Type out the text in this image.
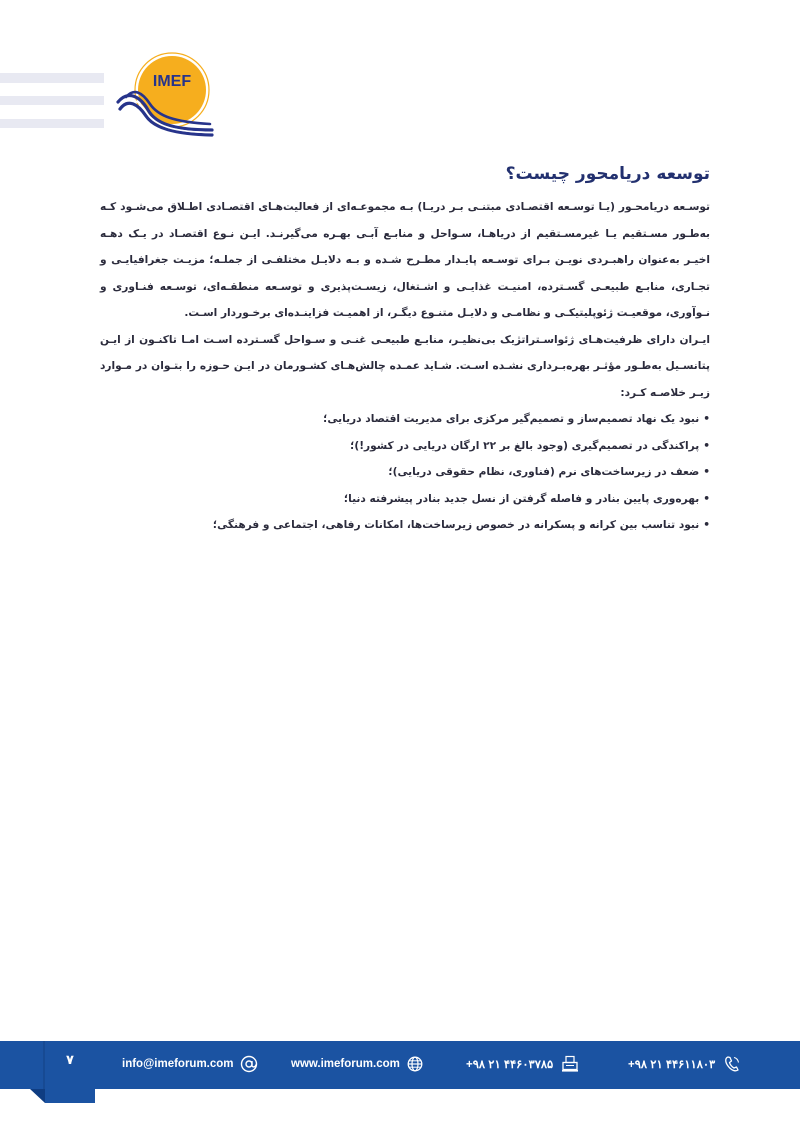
IMEF
توسعه دریامحور چیست؟

توسـعه دریامحـور (یـا توسـعه اقتصـادی مبتنـی بـر دریـا) بـه مجموعـه‌ای از فعالیت‌هـای اقتصـادی اطـلاق می‌شـود کـه به‌طـور مسـتقیم یـا غیرمسـتقیم از دریاهـا، سـواحل و منابـع آبـی بهـره می‌گیرنـد. ایـن نـوع اقتصـاد در یـک دهـه اخیـر به‌عنوان راهبـردی نویـن بـرای توسـعه پایـدار مطـرح شـده و بـه دلایـل مختلفـی از جملـه؛ مزیـت جغرافیایـی و تجـاری، منابـع طبیعـی گسـترده، امنیـت غذایـی و اشـتغال، زیسـت‌پذیری و توسـعه منطقـه‌ای، توسـعه فنـاوری و نـوآوری، موقعیـت ژئوپلیتیکـی و نظامـی و دلایـل متنـوع دیگـر، از اهمیـت فزاینـده‌ای برخـوردار اسـت.

ایـران دارای ظرفیت‌هـای ژئواسـتراتژیک بی‌نظیـر، منابـع طبیعـی غنـی و سـواحل گسـترده اسـت امـا تاکنـون از ایـن پتانسـیل به‌طـور مؤثـر بهره‌بـرداری نشـده اسـت. شـاید عمـده چالش‌هـای کشـورمان در ایـن حـوزه را بتـوان در مـوارد زیـر خلاصـه کـرد:

•نبود یک نهاد تصمیم‌ساز و تصمیم‌گیر مرکزی برای مدیریت اقتصاد دریایی؛
•پراکندگی در تصمیم‌گیری (وجود بالغ بر ۲۲ ارگان دریایی در کشور!)؛
•ضعف در زیرساخت‌های نرم (فناوری، نظام حقوقی دریایی)؛
•بهره‌وری پایین بنادر و فاصله گرفتن از نسل جدید بنادر پیشرفته دنیا؛
•نبود تناسب بین کرانه و پسکرانه در خصوص زیرساخت‌ها، امکانات رفاهی، اجتماعی و فرهنگی؛
۷	info@imeforum.com	www.imeforum.com	+۹۸ ۲۱ ۴۴۶۰۳۷۸۵	+۹۸ ۲۱ ۴۴۶۱۱۸۰۳
